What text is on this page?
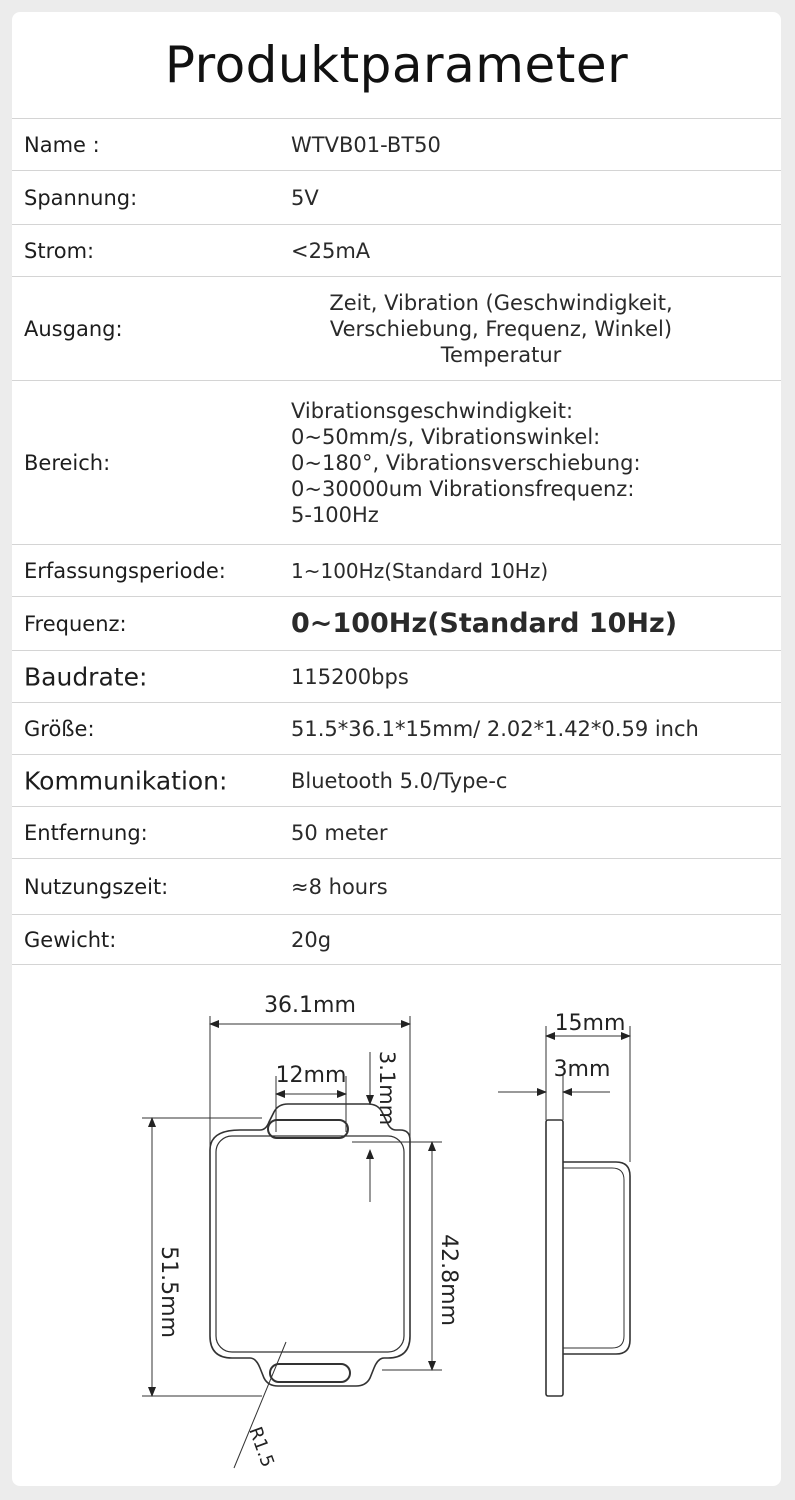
Produktparameter
Name :	WTVB01-BT50
Spannung:	5V
Strom:	<25mA
Ausgang:
Zeit, Vibration (Geschwindigkeit,
Verschiebung, Frequenz, Winkel)
Temperatur
Bereich:
Vibrationsgeschwindigkeit:
0~50mm/s, Vibrationswinkel:
0~180°, Vibrationsverschiebung:
0~30000um Vibrationsfrequenz:
5-100Hz
Erfassungsperiode:	1~100Hz(Standard 10Hz)
Frequenz:	0~100Hz(Standard 10Hz)
Baudrate:	115200bps
Größe:	51.5*36.1*15mm/ 2.02*1.42*0.59 inch
Kommunikation:	Bluetooth 5.0/Type-c
Entfernung:	50 meter
Nutzungszeit:	≈8 hours
Gewicht:	20g
36.1mm
12mm 3.1mm
51.5mm	42.8mm
R1.5
15mm
3mm
